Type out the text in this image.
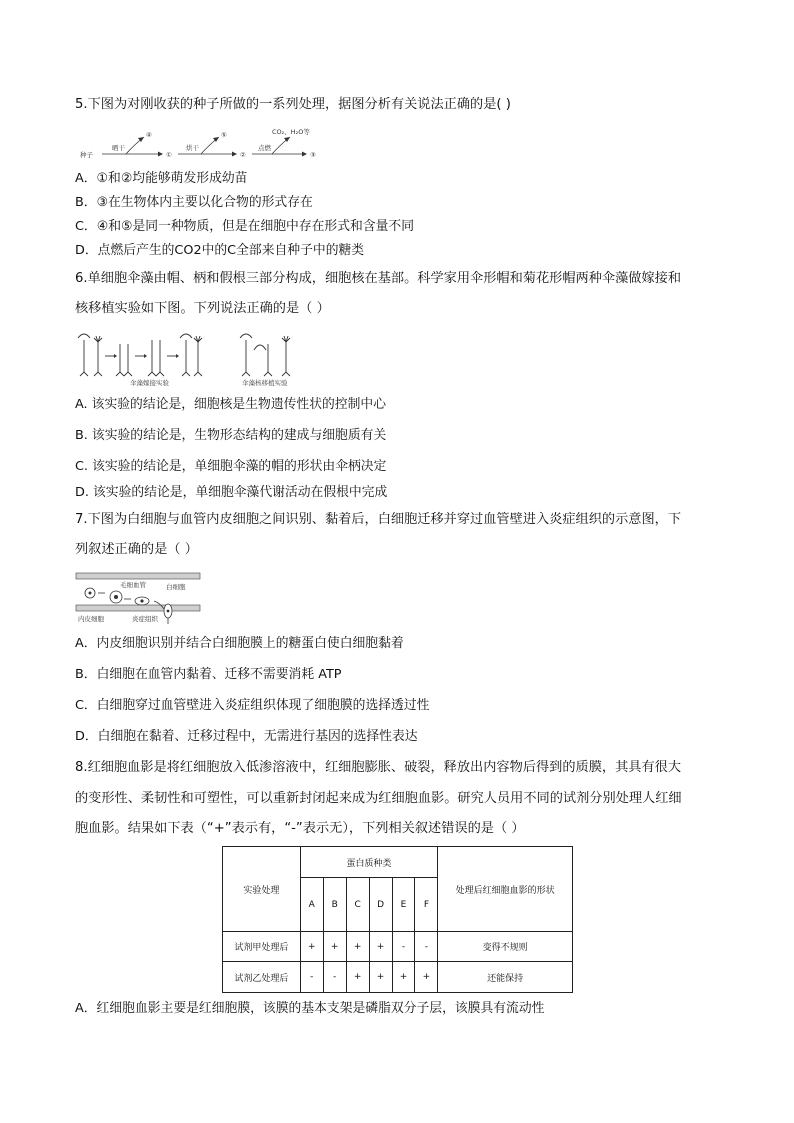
5.下图为对刚收获的种子所做的一系列处理，据图分析有关说法正确的是( )
种子
晒干
④
①
烘干
⑤
②
点燃
CO₂、H₂O等
③
A．①和②均能够萌发形成幼苗
B．③在生物体内主要以化合物的形式存在
C．④和⑤是同一种物质，但是在细胞中存在形式和含量不同
D．点燃后产生的CO2中的C全部来自种子中的糖类
6.单细胞伞藻由帽、柄和假根三部分构成，细胞核在基部。科学家用伞形帽和菊花形帽两种伞藻做嫁接和
核移植实验如下图。下列说法正确的是（ ）
伞藻嫁接实验	伞藻核移植实验
A. 该实验的结论是，细胞核是生物遗传性状的控制中心
B. 该实验的结论是，生物形态结构的建成与细胞质有关
C. 该实验的结论是，单细胞伞藻的帽的形状由伞柄决定
D. 该实验的结论是，单细胞伞藻代谢活动在假根中完成
7.下图为白细胞与血管内皮细胞之间识别、黏着后，白细胞迁移并穿过血管壁进入炎症组织的示意图，下
列叙述正确的是（ ）
毛细血管	白细胞
内皮细胞	炎症组织
A．内皮细胞识别并结合白细胞膜上的糖蛋白使白细胞黏着
B．白细胞在血管内黏着、迁移不需要消耗 ATP
C．白细胞穿过血管壁进入炎症组织体现了细胞膜的选择透过性
D．白细胞在黏着、迁移过程中，无需进行基因的选择性表达
8.红细胞血影是将红细胞放入低渗溶液中，红细胞膨胀、破裂，释放出内容物后得到的质膜，其具有很大
的变形性、柔韧性和可塑性，可以重新封闭起来成为红细胞血影。研究人员用不同的试剂分别处理人红细
胞血影。结果如下表（“+”表示有，“-”表示无），下列相关叙述错误的是（ ）
实验处理	蛋白质种类						处理后红细胞血影的形状
	A	B	C	D	E	F	
试剂甲处理后	+	+	+	+	-	-	变得不规则
试剂乙处理后	-	-	+	+	+	+	还能保持
A．红细胞血影主要是红细胞膜，该膜的基本支架是磷脂双分子层，该膜具有流动性
